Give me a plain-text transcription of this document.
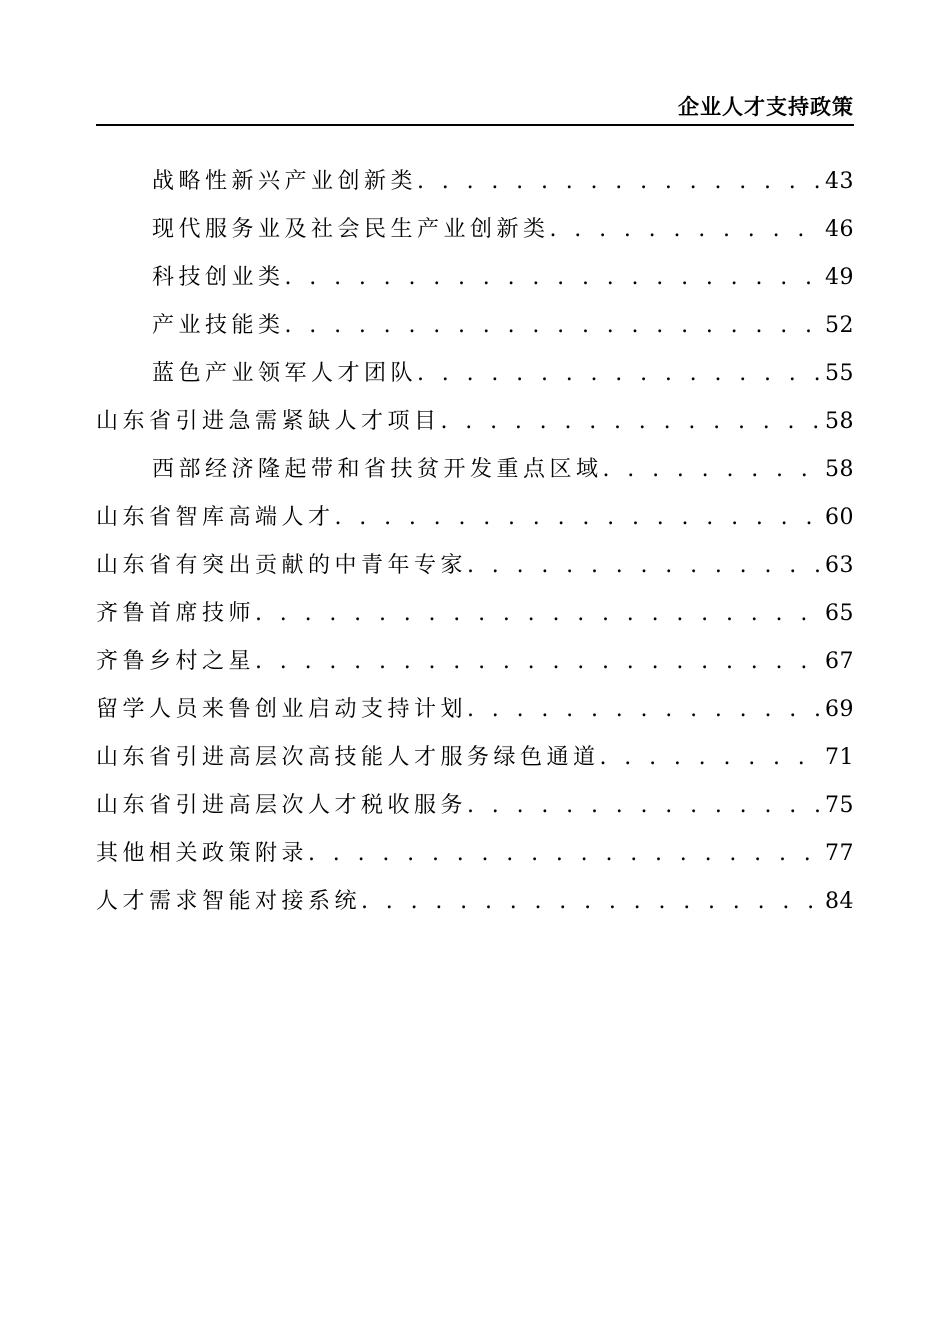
企业人才支持政策
战略性新兴产业创新类 . . .	43
现代服务业及社会民生产业创新类 . . .	46
科技创业类 . . .	49
产业技能类 . . .	52
蓝色产业领军人才团队 . . .	55
山东省引进急需紧缺人才项目 . . .	58
西部经济隆起带和省扶贫开发重点区域 . . .	58
山东省智库高端人才 . . .	60
山东省有突出贡献的中青年专家 . . .	63
齐鲁首席技师 . . .	65
齐鲁乡村之星 . . .	67
留学人员来鲁创业启动支持计划 . . .	69
山东省引进高层次高技能人才服务绿色通道 . . .	71
山东省引进高层次人才税收服务 . . .	75
其他相关政策附录 . . .	77
人才需求智能对接系统 . . .	84
